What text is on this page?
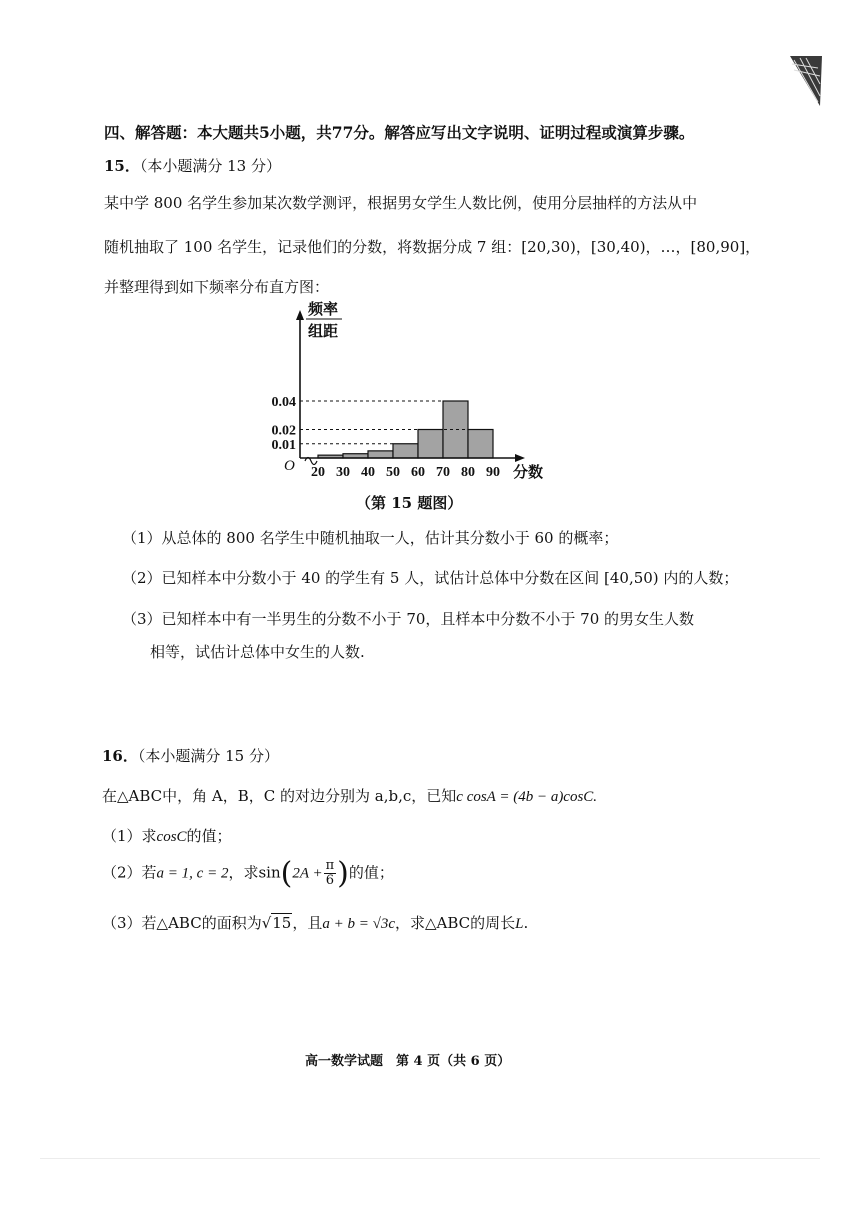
四、解答题：本大题共5小题，共77分。解答应写出文字说明、证明过程或演算步骤。
15．（本小题满分 13 分）
某中学 800 名学生参加某次数学测评，根据男女学生人数比例，使用分层抽样的方法从中
随机抽取了 100 名学生，记录他们的分数，将数据分成 7 组：[20,30)，[30,40)，…，[80,90]，
并整理得到如下频率分布直方图：
0.04
0.02
0.01
20 30 40 50 60 70 80 90
O	分数
频率
组距
（第 15 题图）
（1）从总体的 800 名学生中随机抽取一人，估计其分数小于 60 的概率；
（2）已知样本中分数小于 40 的学生有 5 人，试估计总体中分数在区间 [40,50) 内的人数；
（3）已知样本中有一半男生的分数不小于 70，且样本中分数不小于 70 的男女生人数
相等，试估计总体中女生的人数.
16．（本小题满分 15 分）
在△ABC中，角 A，B，C 的对边分别为 a,b,c，已知c cosA = (4b − a)cosC.
（1）求cosC的值；
（2）若a = 1, c = 2，求$\sin(2A + \frac{\pi}{6}$ )的值；
（3）若△ABC的面积为√15，且a + b = √3c，求△ABC的周长L.
高一数学试题　第 4 页（共 6 页）
